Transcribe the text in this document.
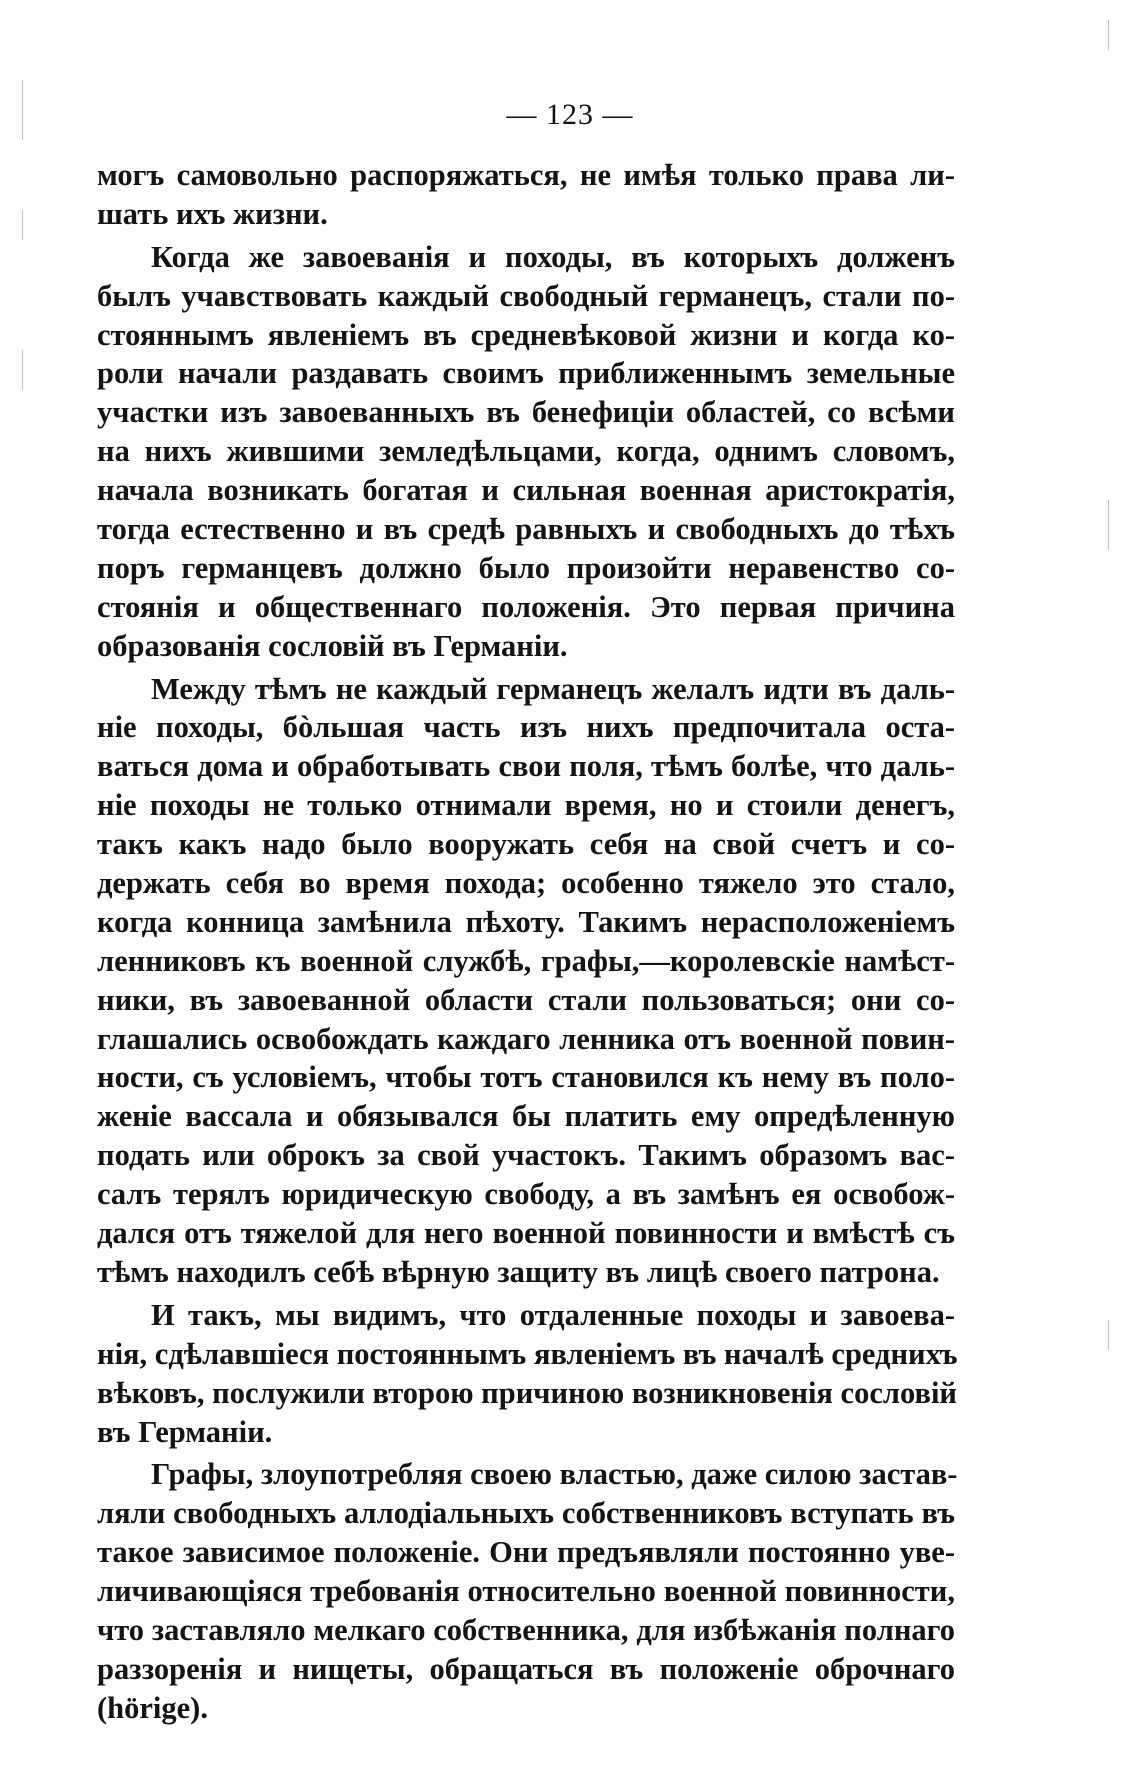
— 123 —
могъ самовольно распоряжаться, не имѣя только права ли-
шать ихъ жизни.
Когда же завоеванія и походы, въ которыхъ долженъ
былъ учавствовать каждый свободный германецъ, стали по-
стояннымъ явленіемъ въ средневѣковой жизни и когда ко-
роли начали раздавать своимъ приближеннымъ земельные
участки изъ завоеванныхъ въ бенефиціи областей, со всѣми
на нихъ жившими земледѣльцами, когда, однимъ словомъ,
начала возникать богатая и сильная военная аристократія,
тогда естественно и въ средѣ равныхъ и свободныхъ до тѣхъ
поръ германцевъ должно было произойти неравенство со-
стоянія и общественнаго положенія. Это первая причина
образованія сословій въ Германіи.
Между тѣмъ не каждый германецъ желалъ идти въ даль-
ніе походы, бòльшая часть изъ нихъ предпочитала оста-
ваться дома и обработывать свои поля, тѣмъ болѣе, что даль-
ніе походы не только отнимали время, но и стоили денегъ,
такъ какъ надо было вооружать себя на свой счетъ и со-
держать себя во время похода; особенно тяжело это стало,
когда конница замѣнила пѣхоту. Такимъ нерасположеніемъ
ленниковъ къ военной службѣ, графы,—королевскіе намѣст-
ники, въ завоеванной области стали пользоваться; они со-
глашались освобождать каждаго ленника отъ военной повин-
ности, съ условіемъ, чтобы тотъ становился къ нему въ поло-
женіе вассала и обязывался бы платить ему опредѣленную
подать или оброкъ за свой участокъ. Такимъ образомъ вас-
салъ терялъ юридическую свободу, а въ замѣнъ ея освобож-
дался отъ тяжелой для него военной повинности и вмѣстѣ съ
тѣмъ находилъ себѣ вѣрную защиту въ лицѣ своего патрона.
И такъ, мы видимъ, что отдаленные походы и завоева-
нія, сдѣлавшіеся постояннымъ явленіемъ въ началѣ среднихъ
вѣковъ, послужили второю причиною возникновенія сословій
въ Германіи.
Графы, злоупотребляя своею властью, даже силою застав-
ляли свободныхъ аллодіальныхъ собственниковъ вступать въ
такое зависимое положеніе. Они предъявляли постоянно уве-
личивающіяся требованія относительно военной повинности,
что заставляло мелкаго собственника, для избѣжанія полнаго
раззоренія и нищеты, обращаться въ положеніе оброчнаго
(hörige).
